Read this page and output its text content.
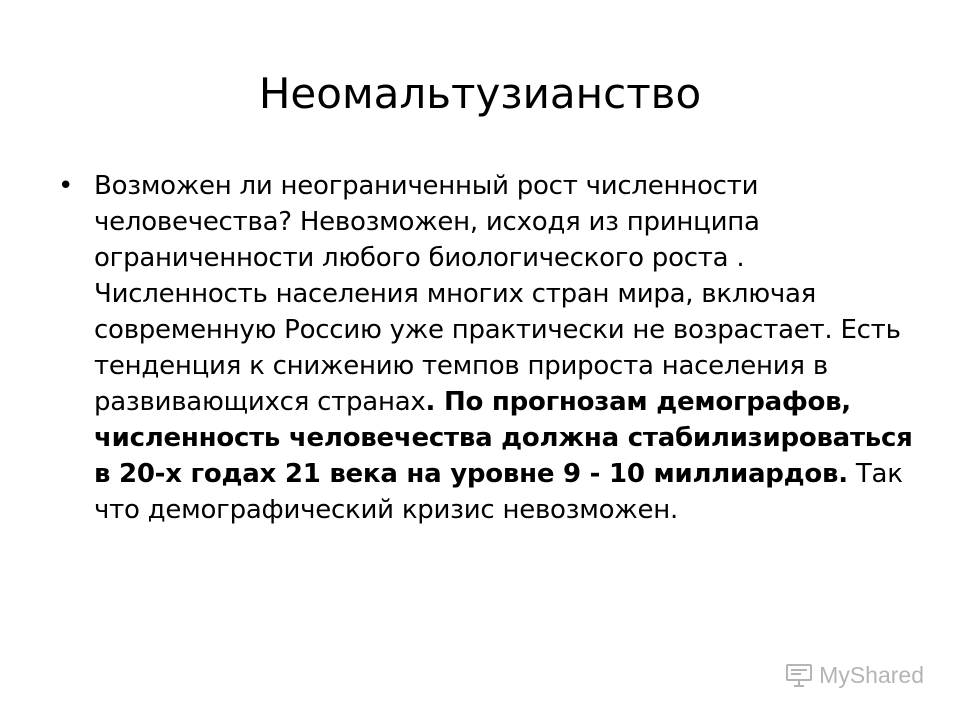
Неомальтузианство
• Возможен ли неограниченный рост численности человечества? Невозможен, исходя из принципа ограниченности любого биологического роста . Численность населения многих стран мира, включая современную Россию уже практически не возрастает. Есть тенденция к снижению темпов прироста населения в развивающихся странах. По прогнозам демографов, численность человечества должна стабилизироваться в 20-х годах 21 века на уровне 9 - 10 миллиардов. Так что демографический кризис невозможен.
MyShared
